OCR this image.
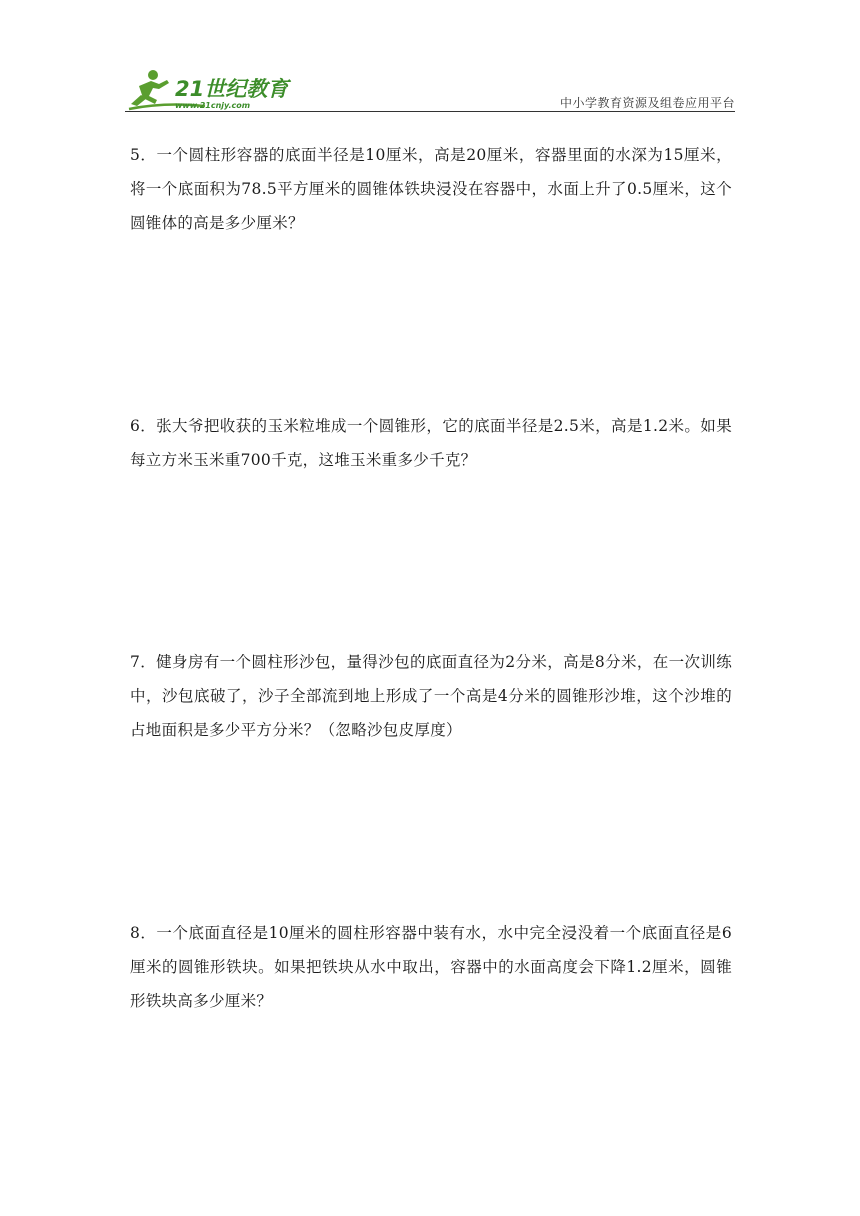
21世纪教育
www.21cnjy.com	中小学教育资源及组卷应用平台
5．一个圆柱形容器的底面半径是10厘米，高是20厘米，容器里面的水深为15厘米，将一个底面积为78.5平方厘米的圆锥体铁块浸没在容器中，水面上升了0.5厘米，这个圆锥体的高是多少厘米？
6．张大爷把收获的玉米粒堆成一个圆锥形，它的底面半径是2.5米，高是1.2米。如果每立方米玉米重700千克，这堆玉米重多少千克？
7．健身房有一个圆柱形沙包，量得沙包的底面直径为2分米，高是8分米，在一次训练中，沙包底破了，沙子全部流到地上形成了一个高是4分米的圆锥形沙堆，这个沙堆的占地面积是多少平方分米？（忽略沙包皮厚度）
8．一个底面直径是10厘米的圆柱形容器中装有水，水中完全浸没着一个底面直径是6厘米的圆锥形铁块。如果把铁块从水中取出，容器中的水面高度会下降1.2厘米，圆锥形铁块高多少厘米？
